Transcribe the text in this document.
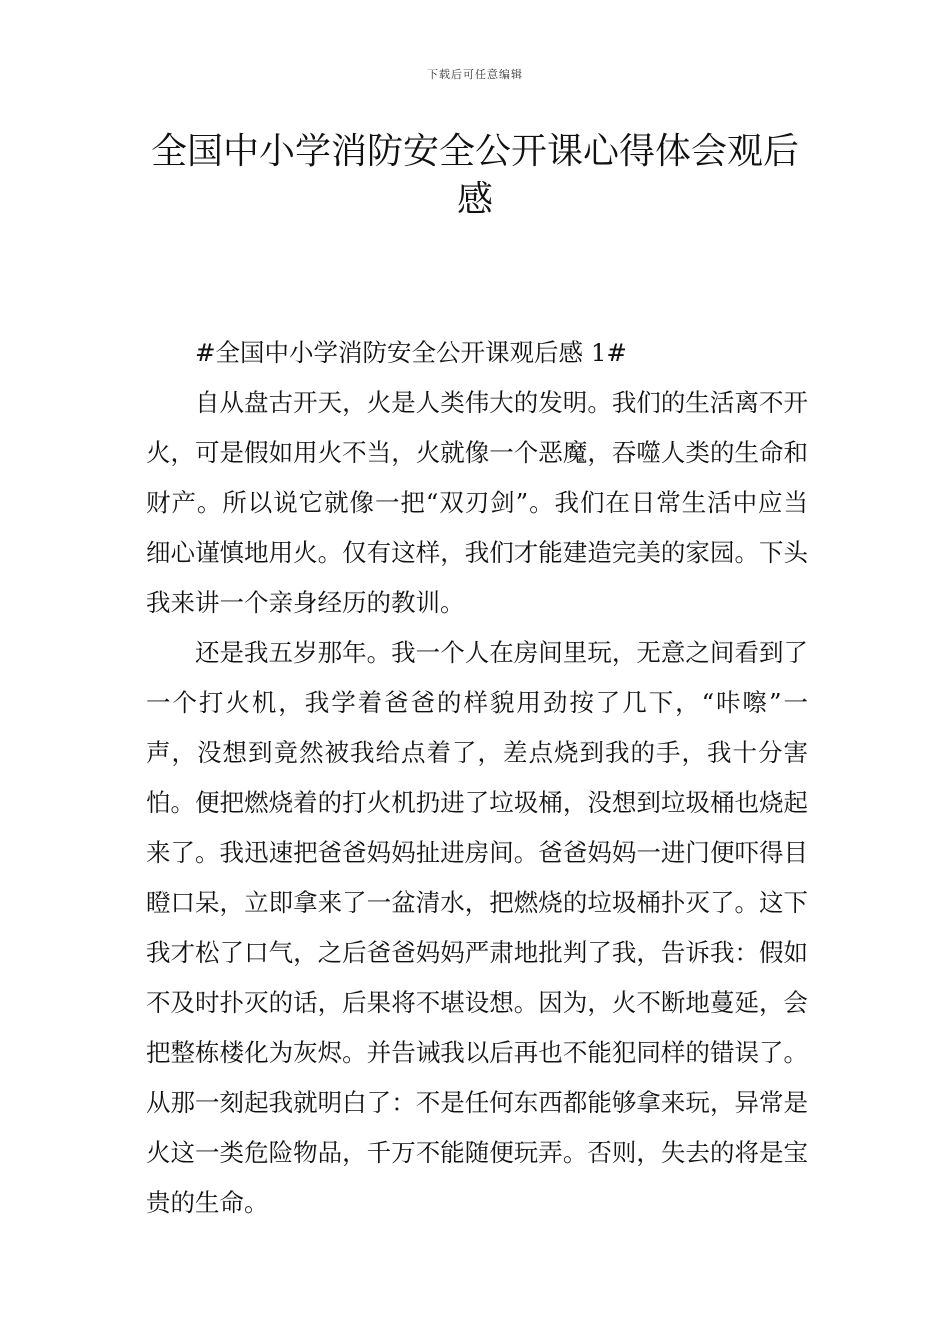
下载后可任意编辑
全国中小学消防安全公开课心得体会观后感

#全国中小学消防安全公开课观后感 1#

自从盘古开天，火是人类伟大的发明。我们的生活离不开火，可是假如用火不当，火就像一个恶魔，吞噬人类的生命和财产。所以说它就像一把“双刃剑”。我们在日常生活中应当细心谨慎地用火。仅有这样，我们才能建造完美的家园。下头我来讲一个亲身经历的教训。

还是我五岁那年。我一个人在房间里玩，无意之间看到了一个打火机，我学着爸爸的样貌用劲按了几下，“咔嚓”一声，没想到竟然被我给点着了，差点烧到我的手，我十分害怕。便把燃烧着的打火机扔进了垃圾桶，没想到垃圾桶也烧起来了。我迅速把爸爸妈妈扯进房间。爸爸妈妈一进门便吓得目瞪口呆，立即拿来了一盆清水，把燃烧的垃圾桶扑灭了。这下我才松了口气，之后爸爸妈妈严肃地批判了我，告诉我：假如不及时扑灭的话，后果将不堪设想。因为，火不断地蔓延，会把整栋楼化为灰烬。并告诫我以后再也不能犯同样的错误了。从那一刻起我就明白了：不是任何东西都能够拿来玩，异常是火这一类危险物品，千万不能随便玩弄。否则，失去的将是宝贵的生命。
